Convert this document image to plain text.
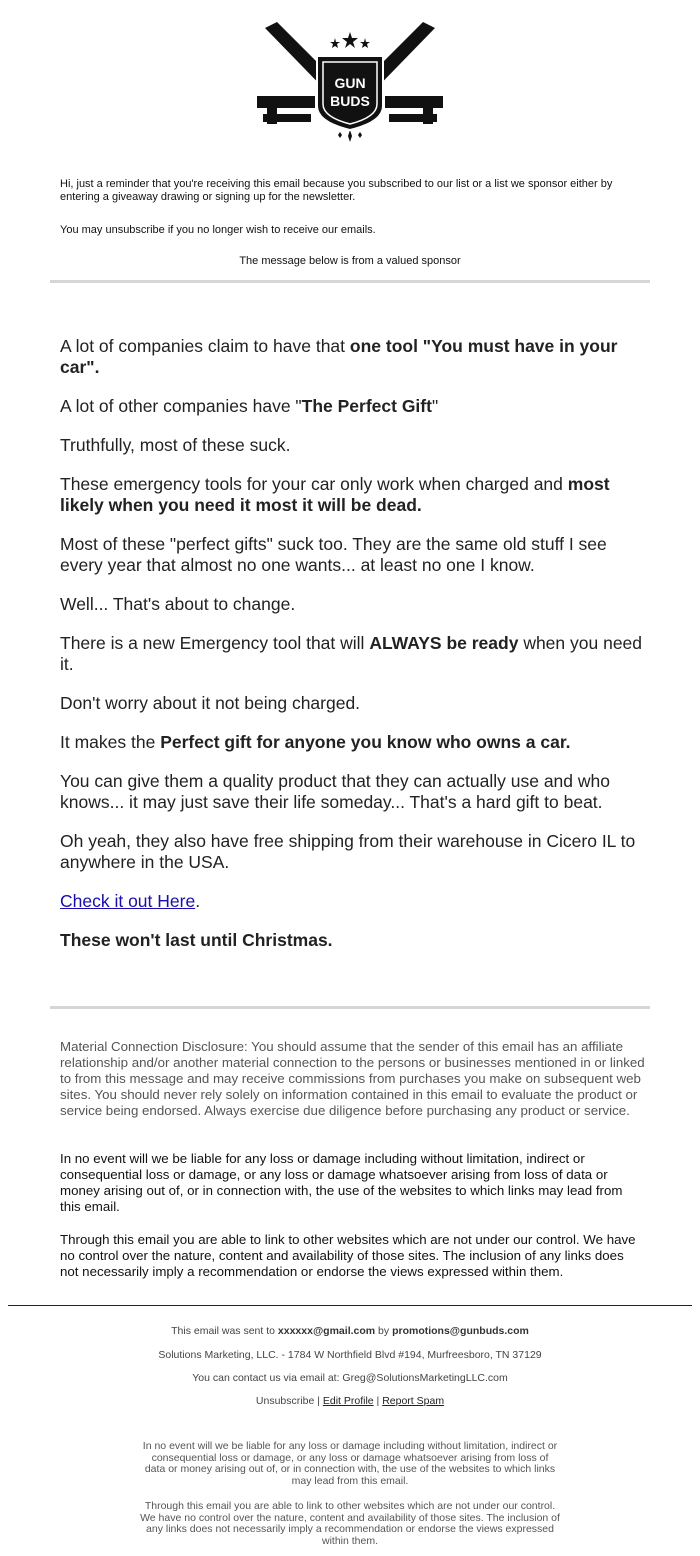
GUN
BUDS
Hi, just a reminder that you're receiving this email because you subscribed to our list or a list we sponsor either by entering a giveaway drawing or signing up for the newsletter.
You may unsubscribe if you no longer wish to receive our emails.
The message below is from a valued sponsor

A lot of companies claim to have that one tool "You must have in your car".

A lot of other companies have "The Perfect Gift"

Truthfully, most of these suck.

These emergency tools for your car only work when charged and most likely when you need it most it will be dead.

Most of these "perfect gifts" suck too. They are the same old stuff I see every year that almost no one wants... at least no one I know.

Well... That's about to change.

There is a new Emergency tool that will ALWAYS be ready when you need it.

Don't worry about it not being charged.

It makes the Perfect gift for anyone you know who owns a car.

You can give them a quality product that they can actually use and who knows... it may just save their life someday... That's a hard gift to beat.

Oh yeah, they also have free shipping from their warehouse in Cicero IL to anywhere in the USA.

Check it out Here.

These won't last until Christmas.

Material Connection Disclosure: You should assume that the sender of this email has an affiliate relationship and/or another material connection to the persons or businesses mentioned in or linked to from this message and may receive commissions from purchases you make on subsequent web sites. You should never rely solely on information contained in this email to evaluate the product or service being endorsed. Always exercise due diligence before purchasing any product or service.
In no event will we be liable for any loss or damage including without limitation, indirect or consequential loss or damage, or any loss or damage whatsoever arising from loss of data or money arising out of, or in connection with, the use of the websites to which links may lead from this email.
Through this email you are able to link to other websites which are not under our control. We have no control over the nature, content and availability of those sites. The inclusion of any links does not necessarily imply a recommendation or endorse the views expressed within them.
This email was sent to xxxxxx@gmail.com by promotions@gunbuds.com
Solutions Marketing, LLC. - 1784 W Northfield Blvd #194, Murfreesboro, TN 37129
You can contact us via email at: Greg@SolutionsMarketingLLC.com
Unsubscribe | Edit Profile | Report Spam
In no event will we be liable for any loss or damage including without limitation, indirect or consequential loss or damage, or any loss or damage whatsoever arising from loss of data or money arising out of, or in connection with, the use of the websites to which links may lead from this email.
Through this email you are able to link to other websites which are not under our control. We have no control over the nature, content and availability of those sites. The inclusion of any links does not necessarily imply a recommendation or endorse the views expressed within them.
